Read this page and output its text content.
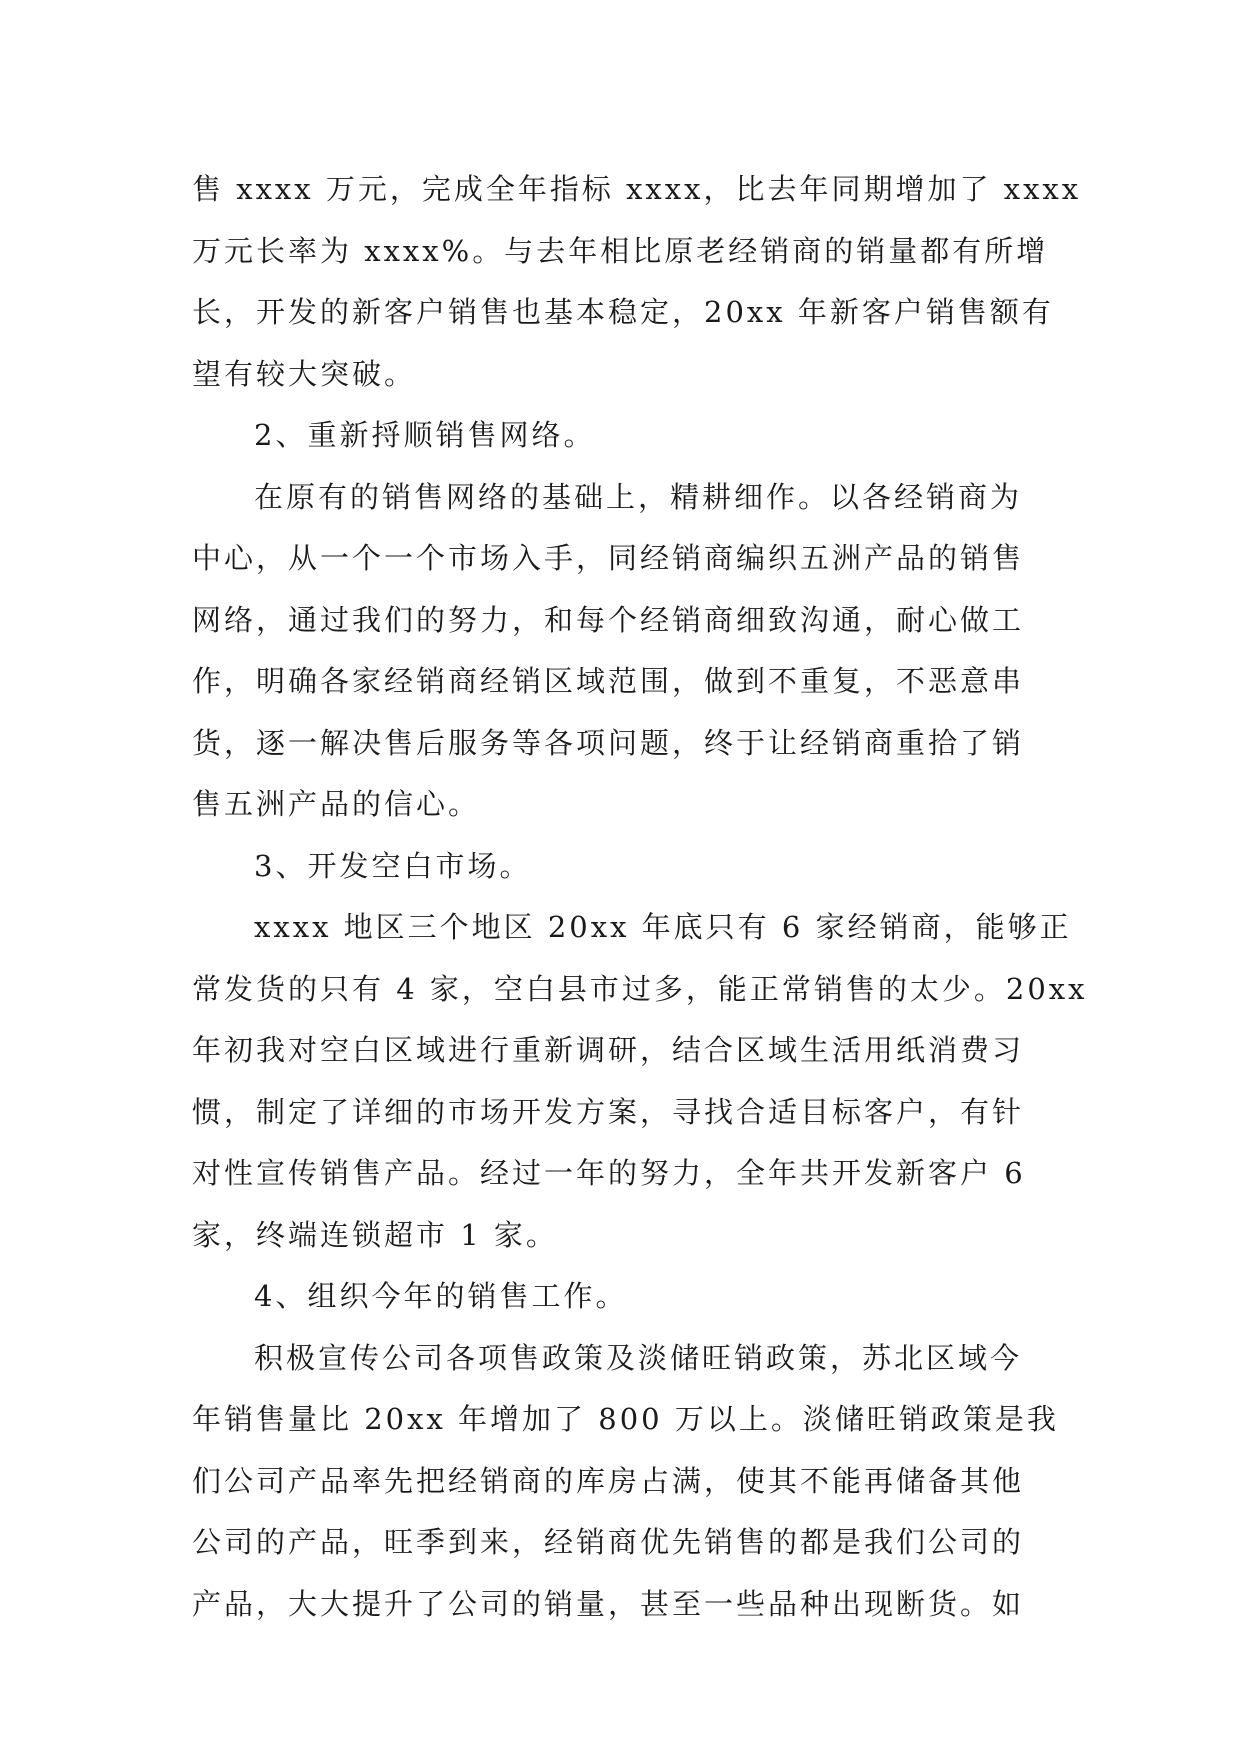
售 xxxx 万元，完成全年指标 xxxx，比去年同期增加了 xxxx
万元长率为 xxxx%。与去年相比原老经销商的销量都有所增
长，开发的新客户销售也基本稳定，20xx 年新客户销售额有
望有较大突破。
2、重新捋顺销售网络。
在原有的销售网络的基础上，精耕细作。以各经销商为
中心，从一个一个市场入手，同经销商编织五洲产品的销售
网络，通过我们的努力，和每个经销商细致沟通，耐心做工
作，明确各家经销商经销区域范围，做到不重复，不恶意串
货，逐一解决售后服务等各项问题，终于让经销商重拾了销
售五洲产品的信心。
3、开发空白市场。
xxxx 地区三个地区 20xx 年底只有 6 家经销商，能够正
常发货的只有 4 家，空白县市过多，能正常销售的太少。20xx
年初我对空白区域进行重新调研，结合区域生活用纸消费习
惯，制定了详细的市场开发方案，寻找合适目标客户，有针
对性宣传销售产品。经过一年的努力，全年共开发新客户 6
家，终端连锁超市 1 家。
4、组织今年的销售工作。
积极宣传公司各项售政策及淡储旺销政策，苏北区域今
年销售量比 20xx 年增加了 800 万以上。淡储旺销政策是我
们公司产品率先把经销商的库房占满，使其不能再储备其他
公司的产品，旺季到来，经销商优先销售的都是我们公司的
产品，大大提升了公司的销量，甚至一些品种出现断货。如
